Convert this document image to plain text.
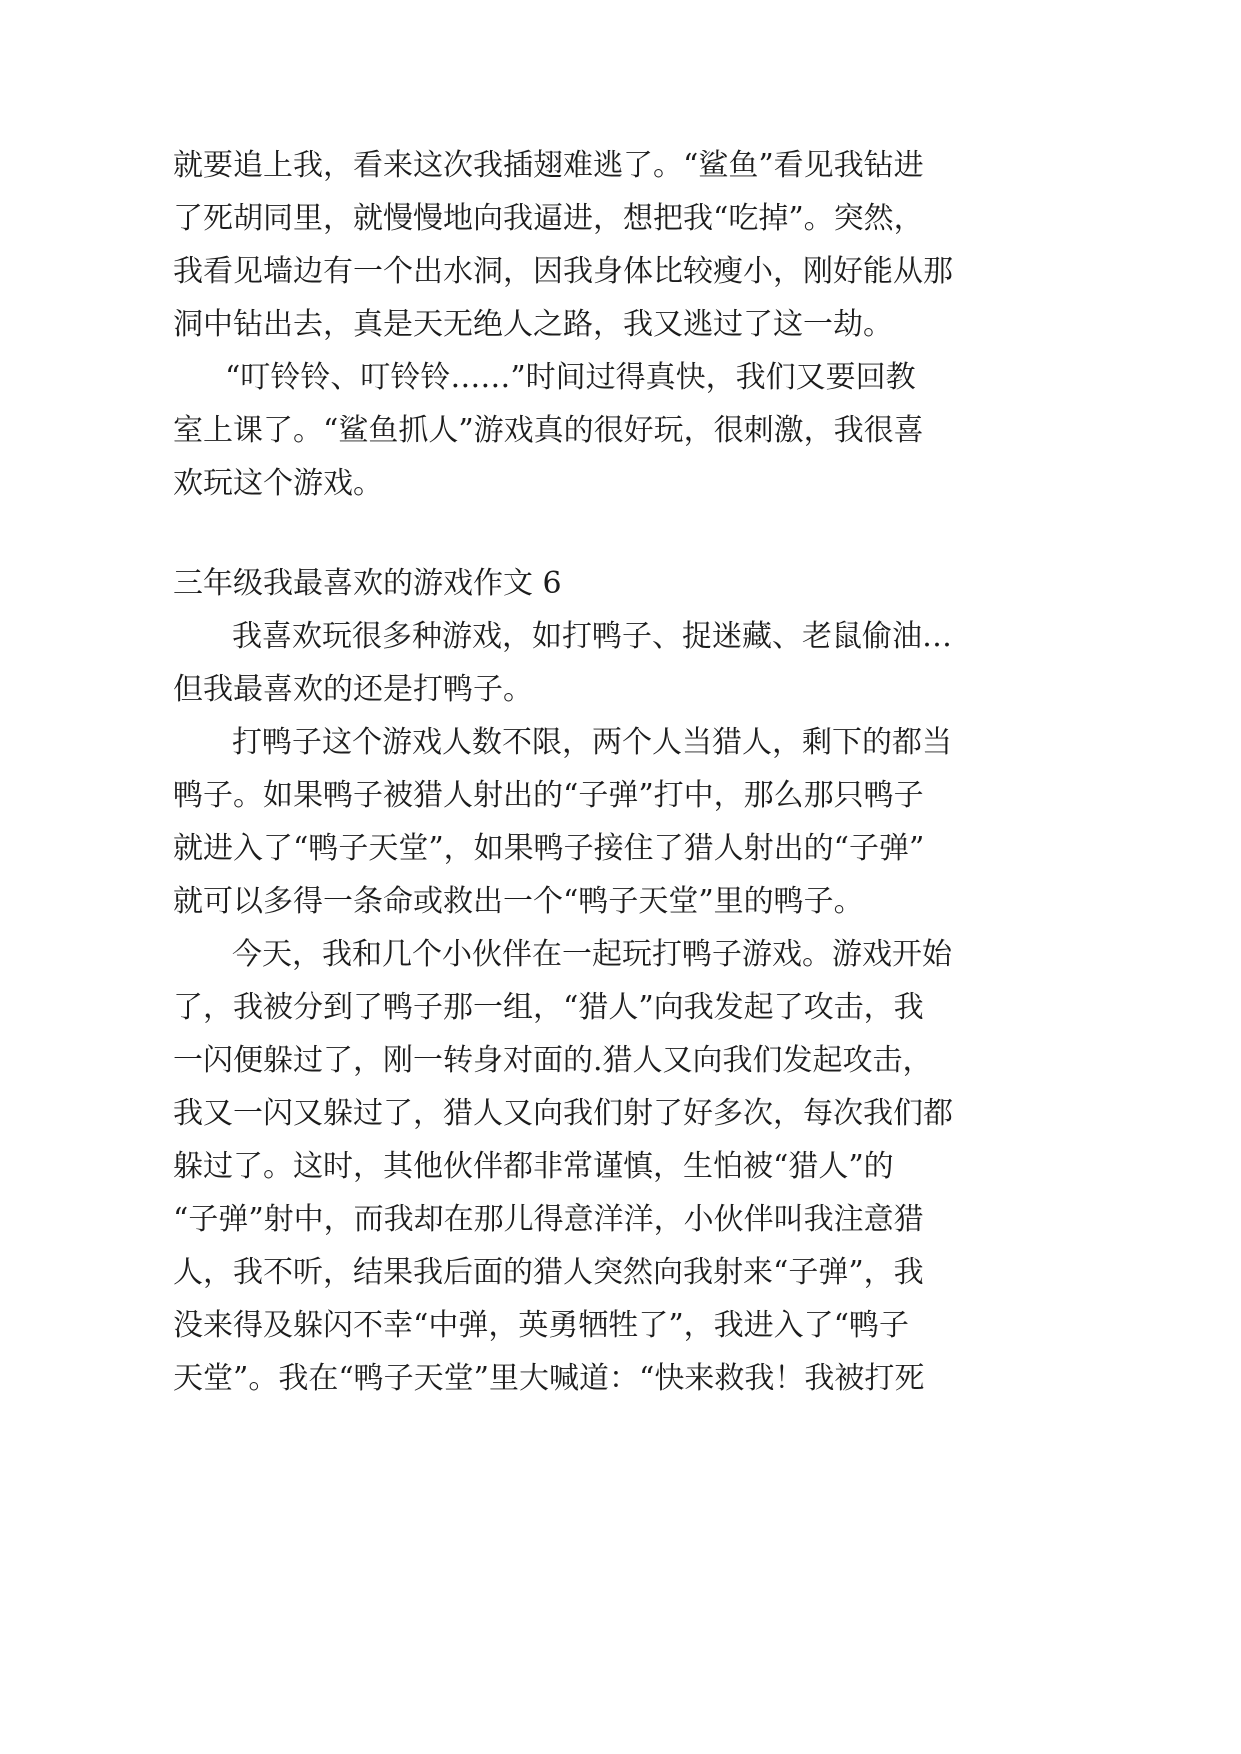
就要追上我，看来这次我插翅难逃了。“鲨鱼”看见我钻进
了死胡同里，就慢慢地向我逼进，想把我“吃掉”。突然，
我看见墙边有一个出水洞，因我身体比较瘦小，刚好能从那
洞中钻出去，真是天无绝人之路，我又逃过了这一劫。
“叮铃铃、叮铃铃……”时间过得真快，我们又要回教
室上课了。“鲨鱼抓人”游戏真的很好玩，很刺激，我很喜
欢玩这个游戏。
三年级我最喜欢的游戏作文 6
我喜欢玩很多种游戏，如打鸭子、捉迷藏、老鼠偷油…
但我最喜欢的还是打鸭子。
打鸭子这个游戏人数不限，两个人当猎人，剩下的都当
鸭子。如果鸭子被猎人射出的“子弹”打中，那么那只鸭子
就进入了“鸭子天堂”，如果鸭子接住了猎人射出的“子弹”
就可以多得一条命或救出一个“鸭子天堂”里的鸭子。
今天，我和几个小伙伴在一起玩打鸭子游戏。游戏开始
了，我被分到了鸭子那一组，“猎人”向我发起了攻击，我
一闪便躲过了，刚一转身对面的.猎人又向我们发起攻击，
我又一闪又躲过了，猎人又向我们射了好多次，每次我们都
躲过了。这时，其他伙伴都非常谨慎，生怕被“猎人”的
“子弹”射中，而我却在那儿得意洋洋，小伙伴叫我注意猎
人，我不听，结果我后面的猎人突然向我射来“子弹”，我
没来得及躲闪不幸“中弹，英勇牺牲了”，我进入了“鸭子
天堂”。我在“鸭子天堂”里大喊道：“快来救我！我被打死
